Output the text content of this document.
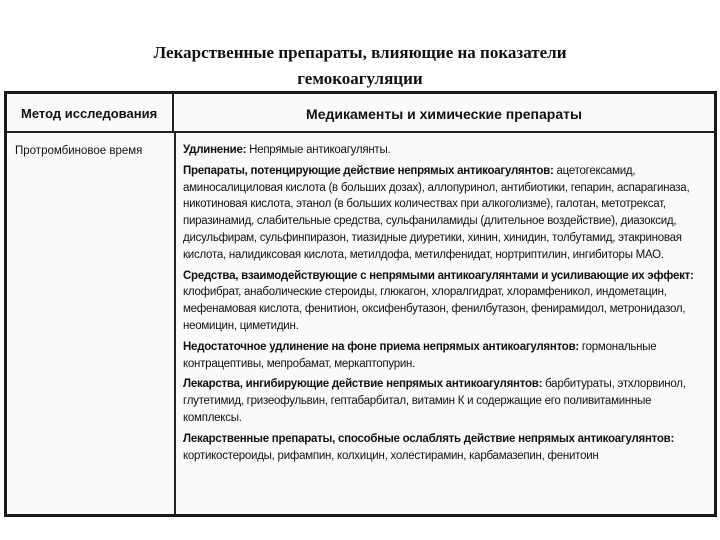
Лекарственные препараты, влияющие на показатели
гемокоагуляции
Метод исследования	Медикаменты и химические препараты
Протромбиновое время	Удлинение: Непрямые антикоагулянты.

Препараты, потенцирующие действие непрямых антикоагулянтов: ацетогексамид, аминосалициловая кислота (в больших дозах), аллопуринол, антибиотики, гепарин, аспарагиназа, никотиновая кислота, этанол (в больших количествах при алкоголизме), галотан, метотрексат, пиразинамид, слабительные средства, сульфаниламиды (длительное воздействие), диазоксид, дисульфирам, сульфинпиразон, тиазидные диуретики, хинин, хинидин, толбутамид, этакриновая кислота, налидиксовая кислота, метилдофа, метилфенидат, нортриптилин, ингибиторы МАО.

Средства, взаимодействующие с непрямыми антикоагулянтами и усиливающие их эффект: клофибрат, анаболические стероиды, глюкагон, хлоралгидрат, хлорамфеникол, индометацин, мефенамовая кислота, фенитион, оксифенбутазон, фенилбутазон, фенирамидол, метронидазол, неомицин, циметидин.

Недостаточное удлинение на фоне приема непрямых антикоагулянтов: гормональные контрацептивы, мепробамат, меркаптопурин.

Лекарства, ингибирующие действие непрямых антикоагулянтов: барбитураты, этхлорвинол, глутетимид, гризеофульвин, гептабарбитал, витамин К и содержащие его поливитаминные комплексы.

Лекарственные препараты, способные ослаблять действие непрямых антикоагулянтов: кортикостероиды, рифампин, колхицин, холестирамин, карбамазепин, фенитоин
